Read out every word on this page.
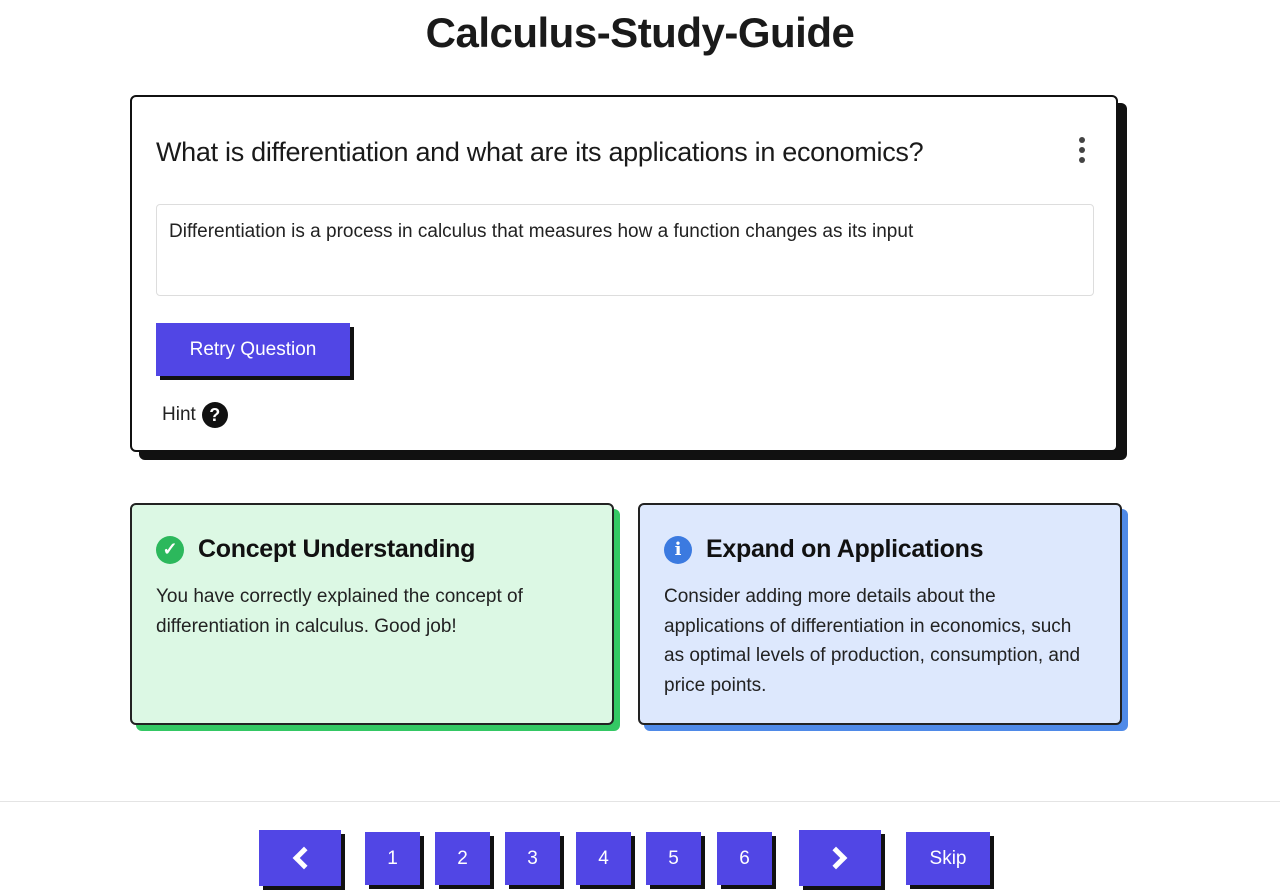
Calculus-Study-Guide

What is differentiation and what are its applications in economics?

Differentiation is a process in calculus that measures how a function changes as its input
Retry Question
Hint ?
✓ Concept Understanding

You have correctly explained the concept of differentiation in calculus. Good job!

i Expand on Applications

Consider adding more details about the applications of differentiation in economics, such as optimal levels of production, consumption, and price points.

1	2	3	4	5	6	Skip
